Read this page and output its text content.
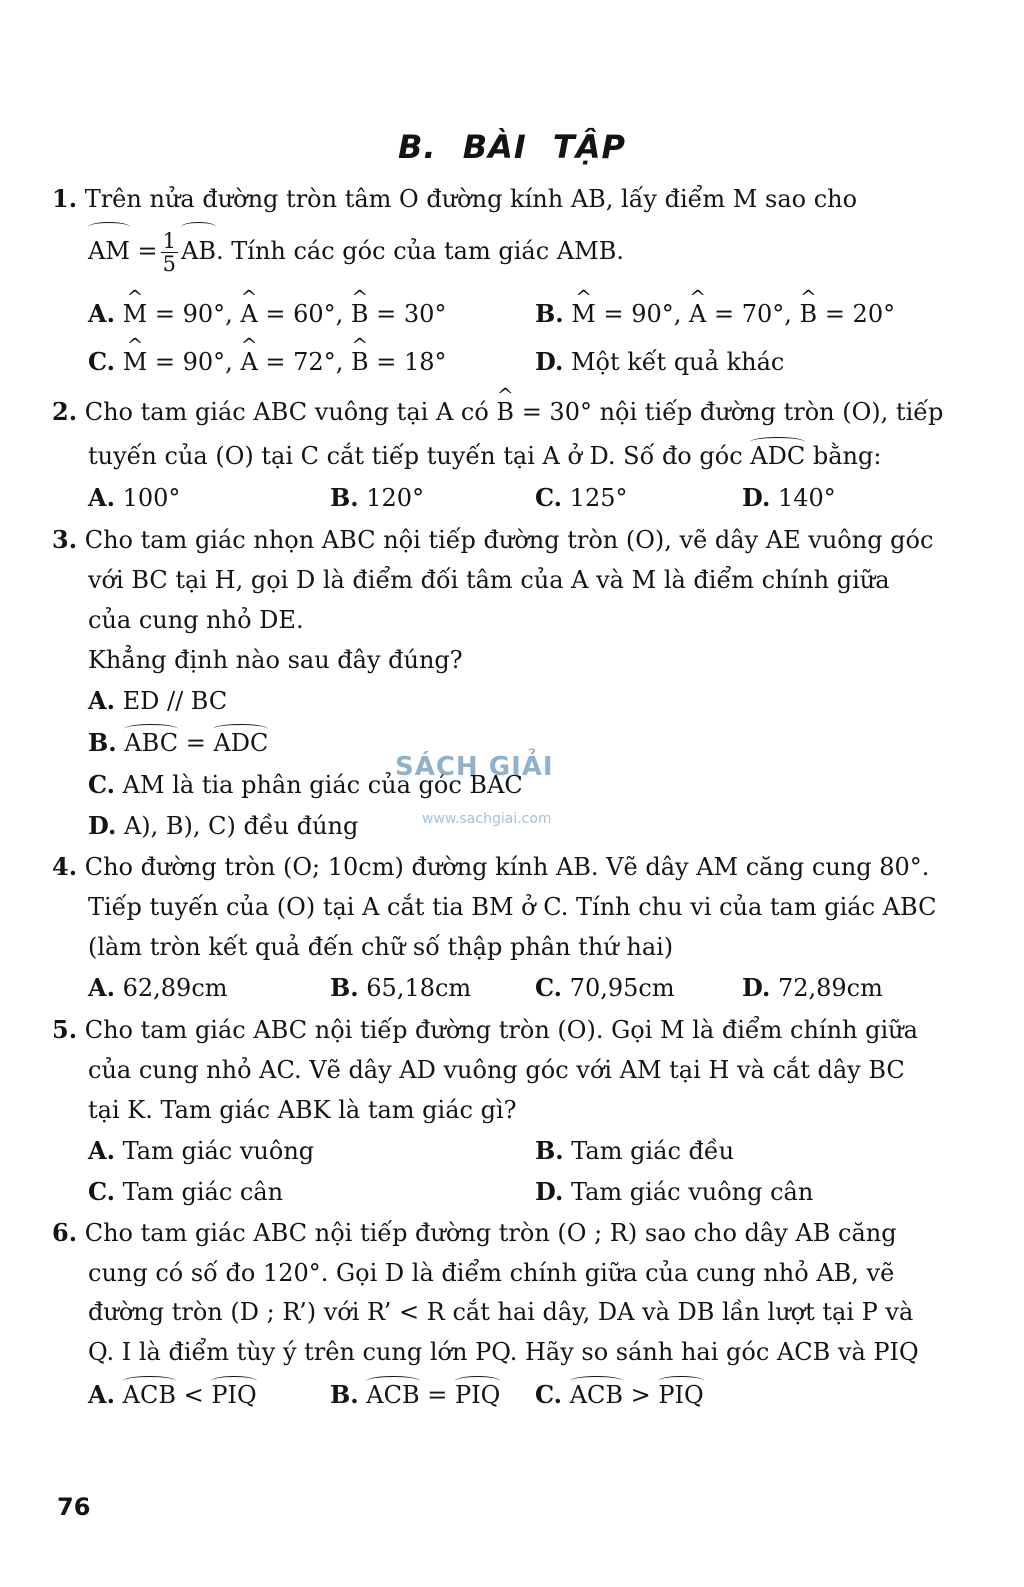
B. BÀI TẬP
1. Trên nửa đường tròn tâm O đường kính AB, lấy điểm M sao cho
AM = $\frac{1}{5}$ AB. Tính các góc của tam giác AMB.
A. ^ M = 90°, ^ A = 60°, ^ B = 30°	B. ^ M = 90°, ^ A = 70°, ^ B = 20°
C. ^ M = 90°, ^ A = 72°, ^ B = 18°	D. Một kết quả khác
2. Cho tam giác ABC vuông tại A có ^ B = 30° nội tiếp đường tròn (O), tiếp
tuyến của (O) tại C cắt tiếp tuyến tại A ở D. Số đo góc ADC bằng:
A. 100°	B. 120°	C. 125°	D. 140°
3. Cho tam giác nhọn ABC nội tiếp đường tròn (O), vẽ dây AE vuông góc
với BC tại H, gọi D là điểm đối tâm của A và M là điểm chính giữa
của cung nhỏ DE.
Khẳng định nào sau đây đúng?
A. ED // BC
B. ABC = ADC
C. AM là tia phân giác của góc BAC
D. A), B), C) đều đúng
SÁCH GIẢI
www.sachgiai.com
4. Cho đường tròn (O; 10cm) đường kính AB. Vẽ dây AM căng cung 80°.
Tiếp tuyến của (O) tại A cắt tia BM ở C. Tính chu vi của tam giác ABC
(làm tròn kết quả đến chữ số thập phân thứ hai)
A. 62,89cm	B. 65,18cm	C. 70,95cm	D. 72,89cm
5. Cho tam giác ABC nội tiếp đường tròn (O). Gọi M là điểm chính giữa
của cung nhỏ AC. Vẽ dây AD vuông góc với AM tại H và cắt dây BC
tại K. Tam giác ABK là tam giác gì?
A. Tam giác vuông	B. Tam giác đều
C. Tam giác cân	D. Tam giác vuông cân
6. Cho tam giác ABC nội tiếp đường tròn (O ; R) sao cho dây AB căng
cung có số đo 120°. Gọi D là điểm chính giữa của cung nhỏ AB, vẽ
đường tròn (D ; R’) với R’ < R cắt hai dây, DA và DB lần lượt tại P và
Q. I là điểm tùy ý trên cung lớn PQ. Hãy so sánh hai góc ACB và PIQ
A. ACB < PIQ	B. ACB = PIQ C. ACB > PIQ
76
